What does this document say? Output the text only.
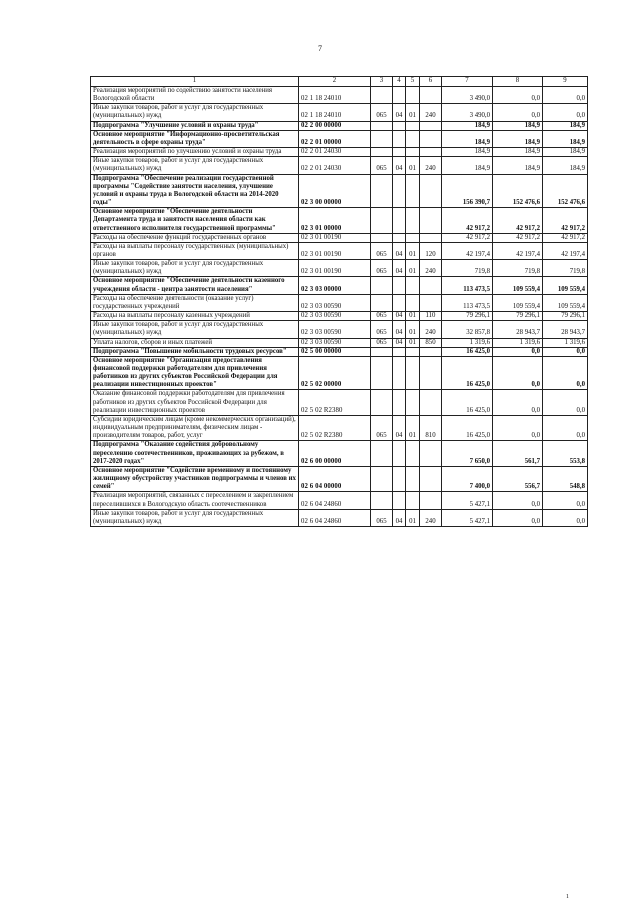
7
1	2	3	4	5	6	7	8	9
Реализация мероприятий по содействию занятости населения Вологодской области	02 1 18 24010					3 490,0	0,0	0,0
Иные закупки товаров, работ и услуг для государственных (муниципальных) нужд	02 1 18 24010	065	04	01	240	3 490,0	0,0	0,0
Подпрограмма "Улучшение условий и охраны труда"	02 2 00 00000					184,9	184,9	184,9
Основное мероприятие "Информационно-просветительская деятельность в сфере охраны труда"	02 2 01 00000					184,9	184,9	184,9
Реализация мероприятий по улучшению условий и охраны труда	02 2 01 24030					184,9	184,9	184,9
Иные закупки товаров, работ и услуг для государственных (муниципальных) нужд	02 2 01 24030	065	04	01	240	184,9	184,9	184,9
Подпрограмма "Обеспечение реализации государственной программы "Содействие занятости населения, улучшение условий и охраны труда в Вологодской области на 2014-2020 годы"	02 3 00 00000					156 390,7	152 476,6	152 476,6
Основное мероприятие "Обеспечение деятельности Департамента труда и занятости населения области как ответственного исполнителя государственной программы"	02 3 01 00000					42 917,2	42 917,2	42 917,2
Расходы на обеспечение функций государственных органов	02 3 01 00190					42 917,2	42 917,2	42 917,2
Расходы на выплаты персоналу государственных (муниципальных) органов	02 3 01 00190	065	04	01	120	42 197,4	42 197,4	42 197,4
Иные закупки товаров, работ и услуг для государственных (муниципальных) нужд	02 3 01 00190	065	04	01	240	719,8	719,8	719,8
Основное мероприятие "Обеспечение деятельности казенного учреждения области - центра занятости населения"	02 3 03 00000					113 473,5	109 559,4	109 559,4
Расходы на обеспечение деятельности (оказание услуг) государственных учреждений	02 3 03 00590					113 473,5	109 559,4	109 559,4
Расходы на выплаты персоналу казенных учреждений	02 3 03 00590	065	04	01	110	79 296,1	79 296,1	79 296,1
Иные закупки товаров, работ и услуг для государственных (муниципальных) нужд	02 3 03 00590	065	04	01	240	32 857,8	28 943,7	28 943,7
Уплата налогов, сборов и иных платежей	02 3 03 00590	065	04	01	850	1 319,6	1 319,6	1 319,6
Подпрограмма "Повышение мобильности трудовых ресурсов"	02 5 00 00000					16 425,0	0,0	0,0
Основное мероприятие "Организация предоставления финансовой поддержки работодателям для привлечения работников из других субъектов Российской Федерации для реализации инвестиционных проектов"	02 5 02 00000					16 425,0	0,0	0,0
Оказание финансовой поддержки работодателям для привлечения работников из других субъектов Российской Федерации для реализации инвестиционных проектов	02 5 02 R2380					16 425,0	0,0	0,0
Субсидии юридическим лицам (кроме некоммерческих организаций), индивидуальным предпринимателям, физическим лицам - производителям товаров, работ, услуг	02 5 02 R2380	065	04	01	810	16 425,0	0,0	0,0
Подпрограмма "Оказание содействия добровольному переселению соотечественников, проживающих за рубежом, в 2017-2020 годах"	02 6 00 00000					7 650,0	561,7	553,8
Основное мероприятие "Содействие временному и постоянному жилищному обустройству участников подпрограммы и членов их семей"	02 6 04 00000					7 400,0	556,7	548,8
Реализация мероприятий, связанных с переселением и закреплением переселившихся в Вологодскую область соотечественников	02 6 04 24860					5 427,1	0,0	0,0
Иные закупки товаров, работ и услуг для государственных (муниципальных) нужд	02 6 04 24860	065	04	01	240	5 427,1	0,0	0,0
1
